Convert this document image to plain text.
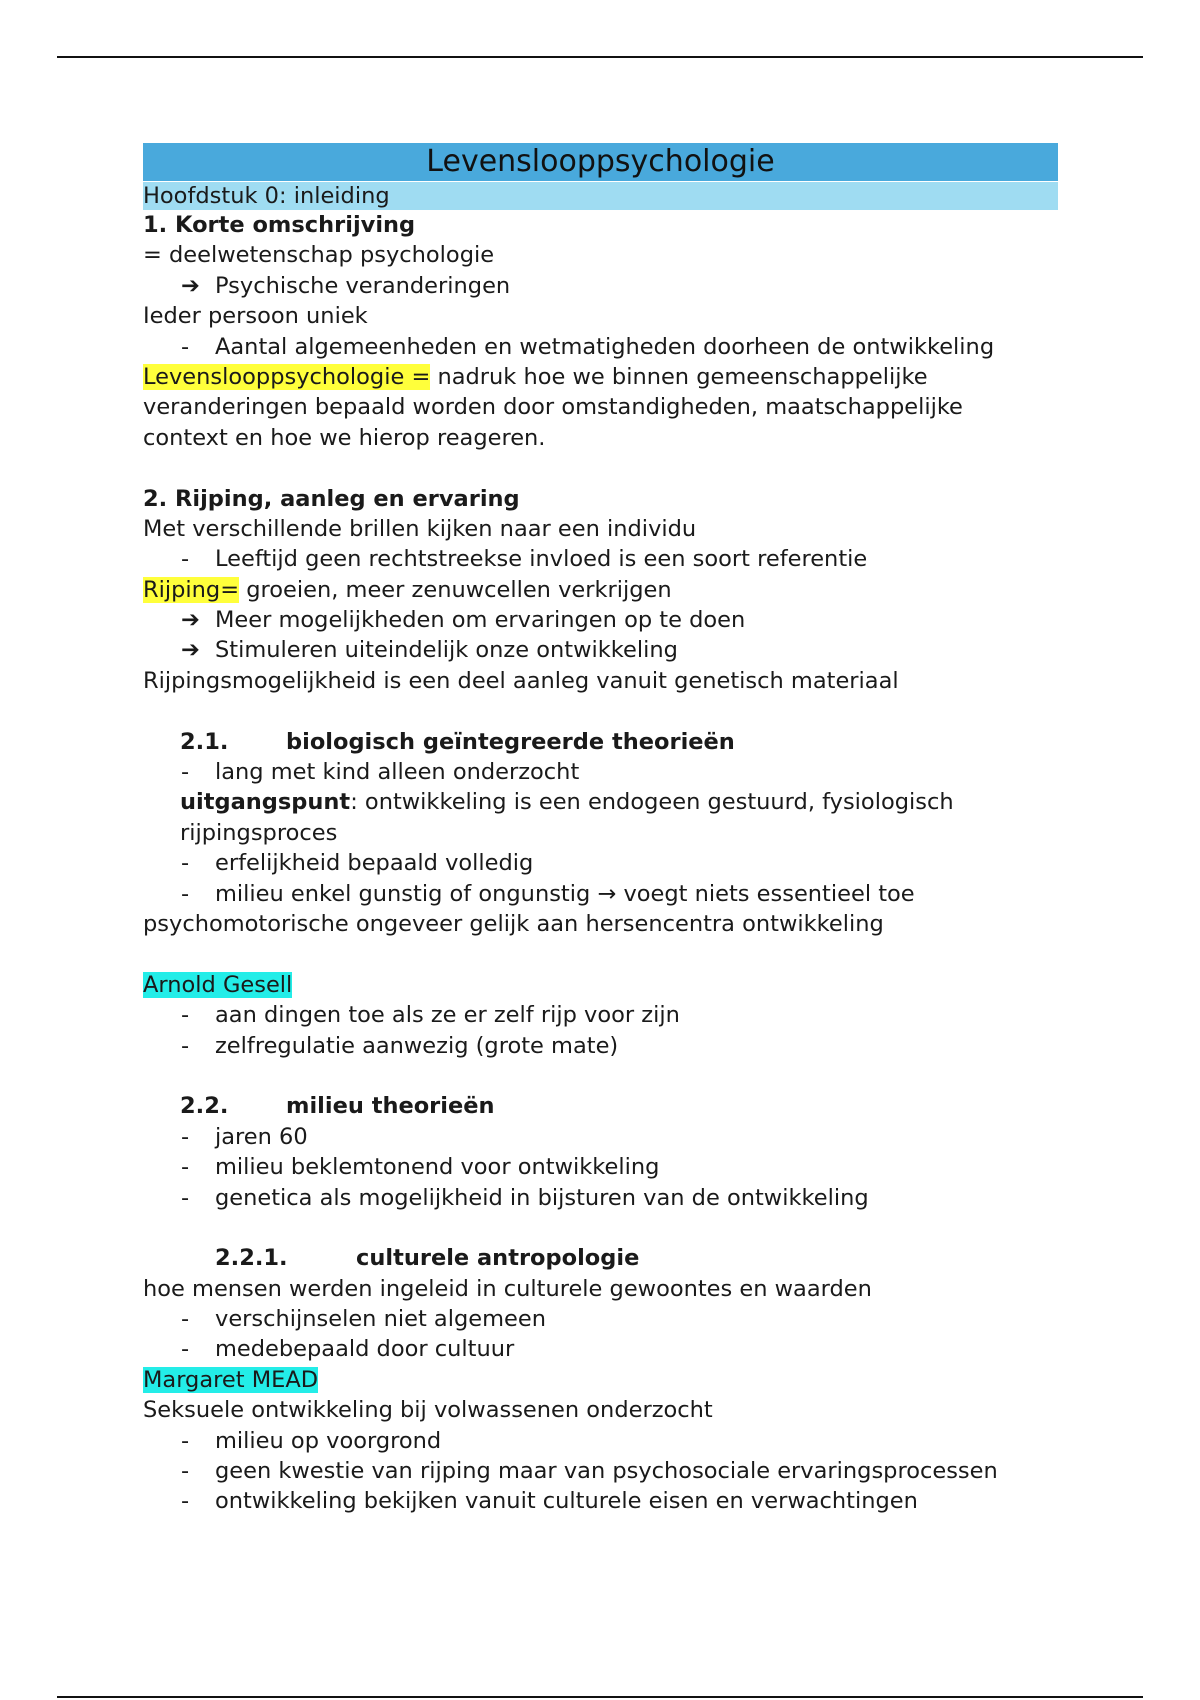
Levenslooppsychologie
Hoofdstuk 0: inleiding
1. Korte omschrijving
= deelwetenschap psychologie
➔ Psychische veranderingen
Ieder persoon uniek
- Aantal algemeenheden en wetmatigheden doorheen de ontwikkeling
Levenslooppsychologie = nadruk hoe we binnen gemeenschappelijke
veranderingen bepaald worden door omstandigheden, maatschappelijke
context en hoe we hierop reageren.
2. Rijping, aanleg en ervaring
Met verschillende brillen kijken naar een individu
- Leeftijd geen rechtstreekse invloed is een soort referentie
Rijping= groeien, meer zenuwcellen verkrijgen
➔ Meer mogelijkheden om ervaringen op te doen
➔ Stimuleren uiteindelijk onze ontwikkeling
Rijpingsmogelijkheid is een deel aanleg vanuit genetisch materiaal
2.1.	biologisch geïntegreerde theorieën
- lang met kind alleen onderzocht
uitgangspunt: ontwikkeling is een endogeen gestuurd, fysiologisch
rijpingsproces
- erfelijkheid bepaald volledig
- milieu enkel gunstig of ongunstig → voegt niets essentieel toe
psychomotorische ongeveer gelijk aan hersencentra ontwikkeling
Arnold Gesell
- aan dingen toe als ze er zelf rijp voor zijn
- zelfregulatie aanwezig (grote mate)
2.2.	milieu theorieën
- jaren 60
- milieu beklemtonend voor ontwikkeling
- genetica als mogelijkheid in bijsturen van de ontwikkeling
2.2.1.	culturele antropologie
hoe mensen werden ingeleid in culturele gewoontes en waarden
- verschijnselen niet algemeen
- medebepaald door cultuur
Margaret MEAD
Seksuele ontwikkeling bij volwassenen onderzocht
- milieu op voorgrond
- geen kwestie van rijping maar van psychosociale ervaringsprocessen
- ontwikkeling bekijken vanuit culturele eisen en verwachtingen
